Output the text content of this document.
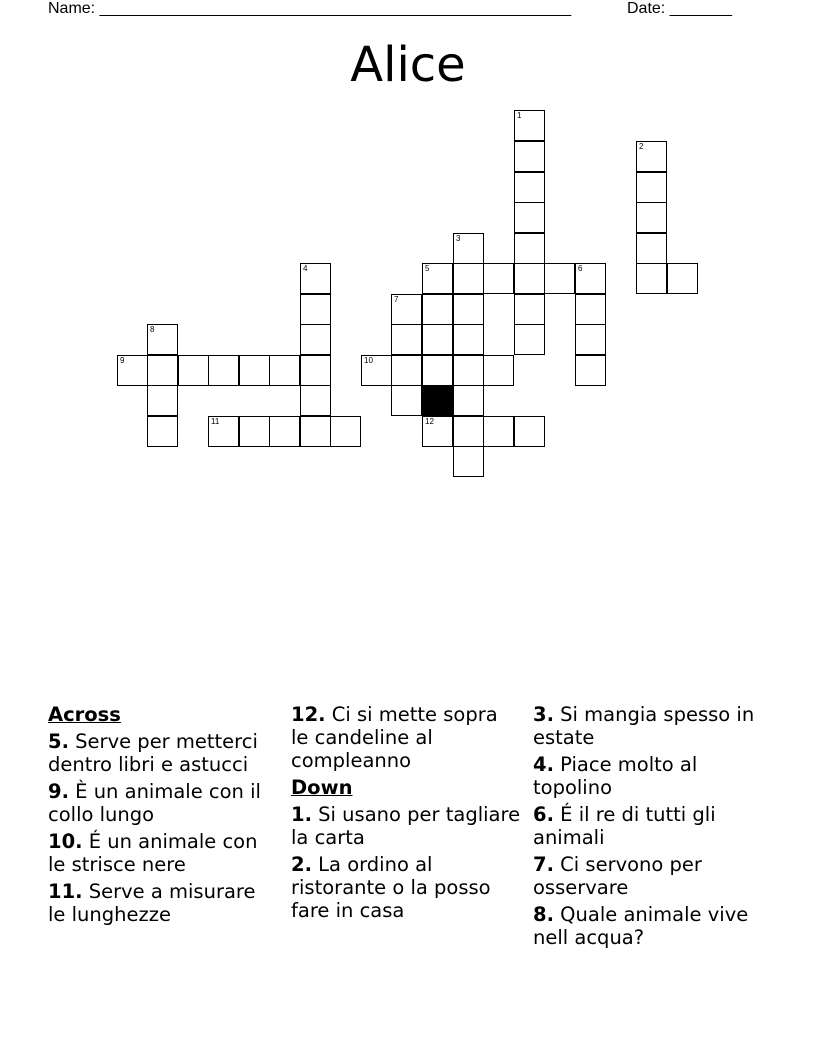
Name: _____________________________________________________	Date: _______
Alice
1
2
3
4	5	6
7
8
9	10
11	12
Across
5. Serve per metterci dentro libri e astucci
9. È un animale con il collo lungo
10. É un animale con le strisce nere
11. Serve a misurare le lunghezze
12. Ci si mette sopra le candeline al compleanno
Down
1. Si usano per tagliare la carta
2. La ordino al ristorante o la posso fare in casa
3. Si mangia spesso in estate
4. Piace molto al topolino
6. É il re di tutti gli animali
7. Ci servono per osservare
8. Quale animale vive nell acqua?
